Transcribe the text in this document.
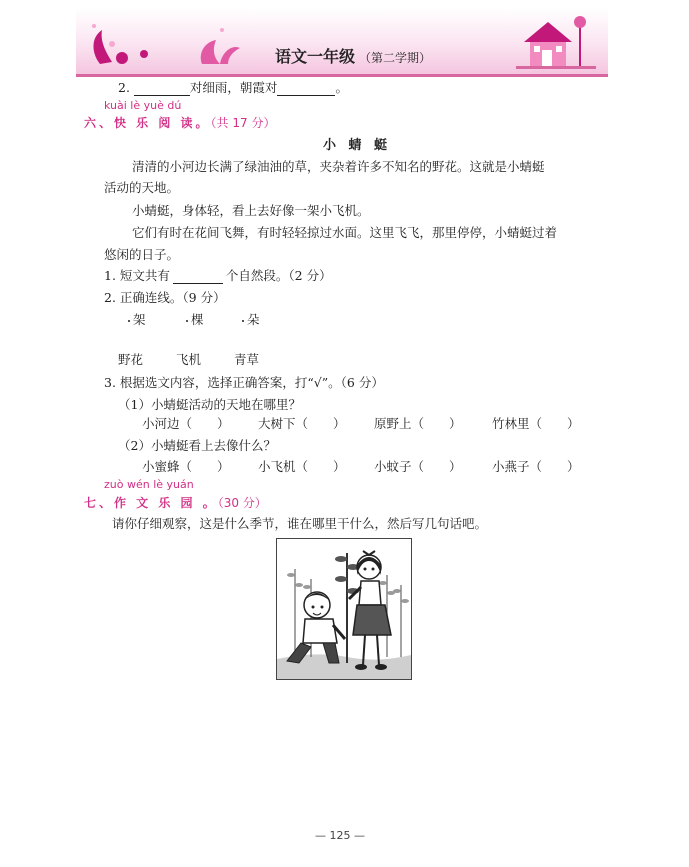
语文一年级 （第二学期）
2.	对细雨，朝霞对	。
kuài lè yuè dú
六、快 乐 阅 读。（共 17 分）
小 蜻 蜓
清清的小河边长满了绿油油的草，夹杂着许多不知名的野花。这就是小蜻蜓
活动的天地。
小蜻蜓，身体轻，看上去好像一架小飞机。
它们有时在花间飞舞，有时轻轻掠过水面。这里飞飞，那里停停，小蜻蜓过着
悠闲的日子。
1. 短文共有	个自然段。（2 分）
2. 正确连线。（9 分）
架	棵	朵
野花	飞机	青草
3. 根据选文内容，选择正确答案，打“√”。（6 分）
（1）小蜻蜓活动的天地在哪里？
小河边（　　） 大树下（　　） 原野上（　　） 竹林里（　　）
（2）小蜻蜓看上去像什么？
小蜜蜂（　　） 小飞机（　　） 小蚊子（　　） 小燕子（　　）
zuò wén lè yuán
七、作 文 乐 园 。（30 分）
请你仔细观察，这是什么季节，谁在哪里干什么，然后写几句话吧。
— 125 —
